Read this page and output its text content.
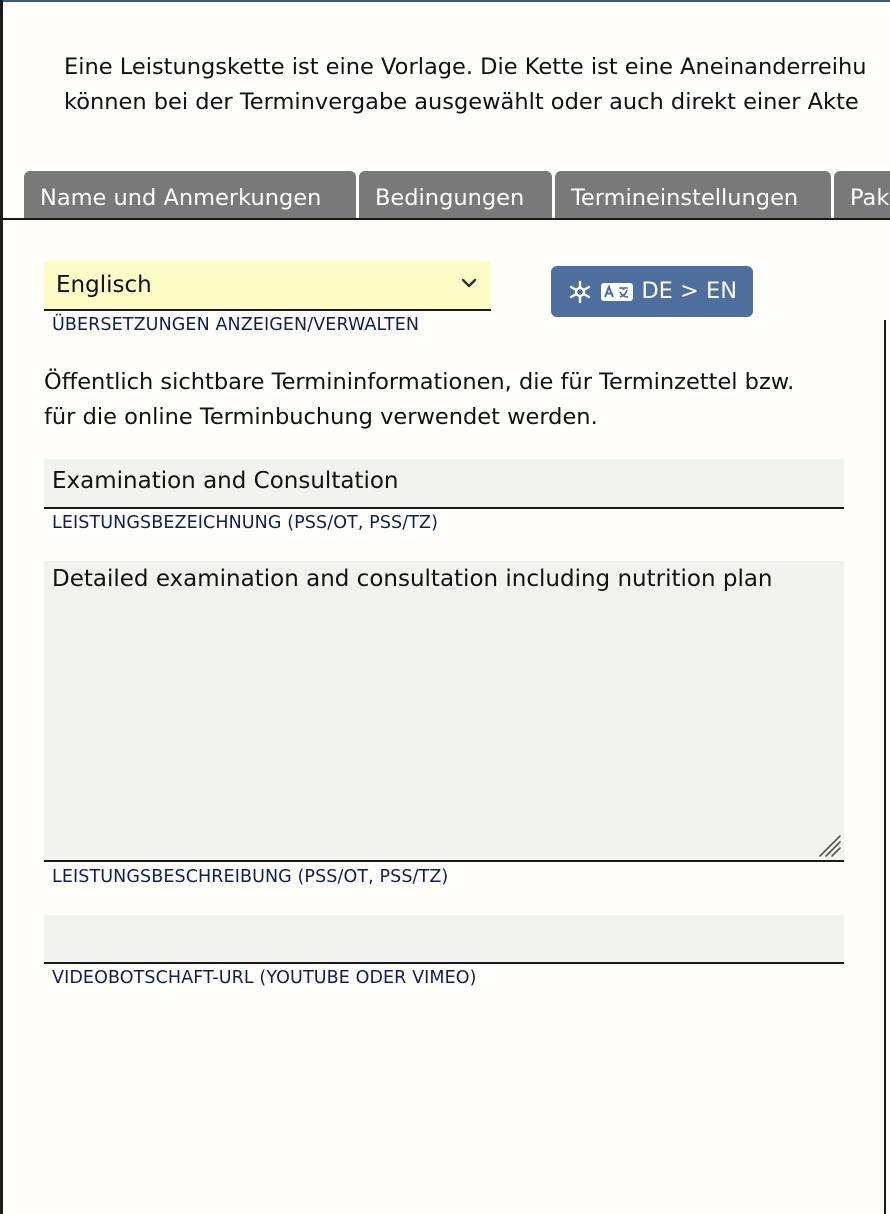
Eine Leistungskette ist eine Vorlage. Die Kette ist eine Aneinanderreihu
können bei der Terminvergabe ausgewählt oder auch direkt einer Akte
Name und Anmerkungen	Bedingungen	Termineinstellungen	Pak
Englisch
ÜBERSETZUNGEN ANZEIGEN/VERWALTEN
DE > EN
Öffentlich sichtbare Termininformationen, die für Terminzettel bzw.
für die online Terminbuchung verwendet werden.
Examination and Consultation
LEISTUNGSBEZEICHNUNG (PSS/OT, PSS/TZ)
Detailed examination and consultation including nutrition plan
LEISTUNGSBESCHREIBUNG (PSS/OT, PSS/TZ)
VIDEOBOTSCHAFT-URL (YOUTUBE ODER VIMEO)
